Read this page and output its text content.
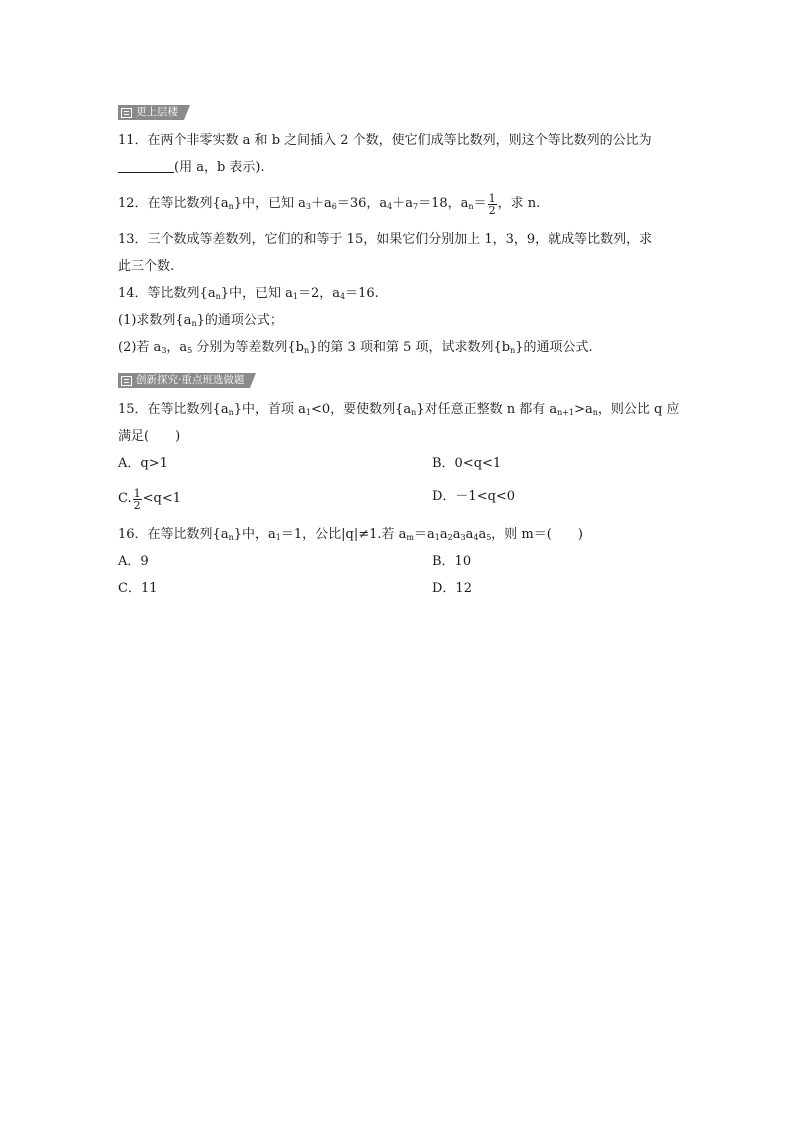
更上层楼
11．在两个非零实数 a 和 b 之间插入 2 个数，使它们成等比数列，则这个等比数列的公比为
(用 a，b 表示).
12．在等比数列$\{a_n\}$中，已知 $a_3+a_6=36$，$a_4+a_7=18$，$a_n= \frac{1}{2}$ ，求 n.
13．三个数成等差数列，它们的和等于 15，如果它们分别加上 1，3，9，就成等比数列，求
此三个数.
14．等比数列$\{a_n\}$中，已知 $a_1=2$，$a_4=16$.
(1)求数列$\{a_n\}$的通项公式；
(2)若 $a_3$，$a_5$ 分别为等差数列$\{b_n\}$的第 3 项和第 5 项，试求数列$\{b_n\}$的通项公式.
创新探究·重点班选做题
15．在等比数列$\{a_n\}$中，首项 $a_1<0$，要使数列$\{a_n\}$对任意正整数 n 都有 $a_{n+1}>a_n$，则公比 q 应
满足(　　)
A．q>1	B．0<q<1
C. $\frac{1}{2} <q<1$	D．－1<q<0
16．在等比数列$\{a_n\}$中，$a_1=1$，公比|q|≠1.若 $a_m=a_1a_2a_3a_4a_5$，则 m＝(　　)
A．9	B．10
C．11	D．12
